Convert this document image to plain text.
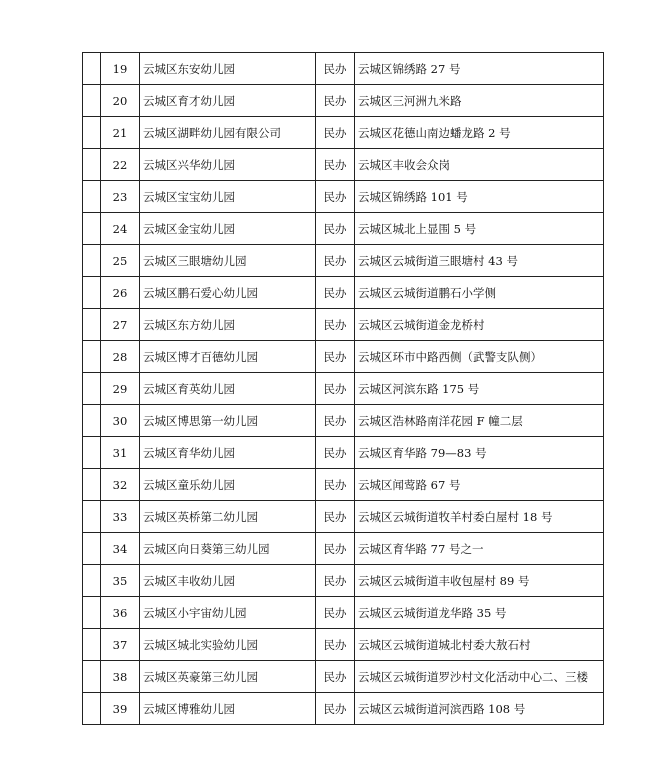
	19	云城区东安幼儿园	民办	云城区锦绣路 27 号
	20	云城区育才幼儿园	民办	云城区三河洲九米路
	21	云城区湖畔幼儿园有限公司	民办	云城区花德山南边蟠龙路 2 号
	22	云城区兴华幼儿园	民办	云城区丰收会众岗
	23	云城区宝宝幼儿园	民办	云城区锦绣路 101 号
	24	云城区金宝幼儿园	民办	云城区城北上显围 5 号
	25	云城区三眼塘幼儿园	民办	云城区云城街道三眼塘村 43 号
	26	云城区鹏石爱心幼儿园	民办	云城区云城街道鹏石小学侧
	27	云城区东方幼儿园	民办	云城区云城街道金龙桥村
	28	云城区博才百德幼儿园	民办	云城区环市中路西侧（武警支队侧）
	29	云城区育英幼儿园	民办	云城区河滨东路 175 号
	30	云城区博思第一幼儿园	民办	云城区浩林路南洋花园 F 幢二层
	31	云城区育华幼儿园	民办	云城区育华路 79—83 号
	32	云城区童乐幼儿园	民办	云城区闻莺路 67 号
	33	云城区英桥第二幼儿园	民办	云城区云城街道牧羊村委白屋村 18 号
	34	云城区向日葵第三幼儿园	民办	云城区育华路 77 号之一
	35	云城区丰收幼儿园	民办	云城区云城街道丰收包屋村 89 号
	36	云城区小宇宙幼儿园	民办	云城区云城街道龙华路 35 号
	37	云城区城北实验幼儿园	民办	云城区云城街道城北村委大敖石村
	38	云城区英豪第三幼儿园	民办	云城区云城街道罗沙村文化活动中心二、三楼
	39	云城区博雅幼儿园	民办	云城区云城街道河滨西路 108 号
